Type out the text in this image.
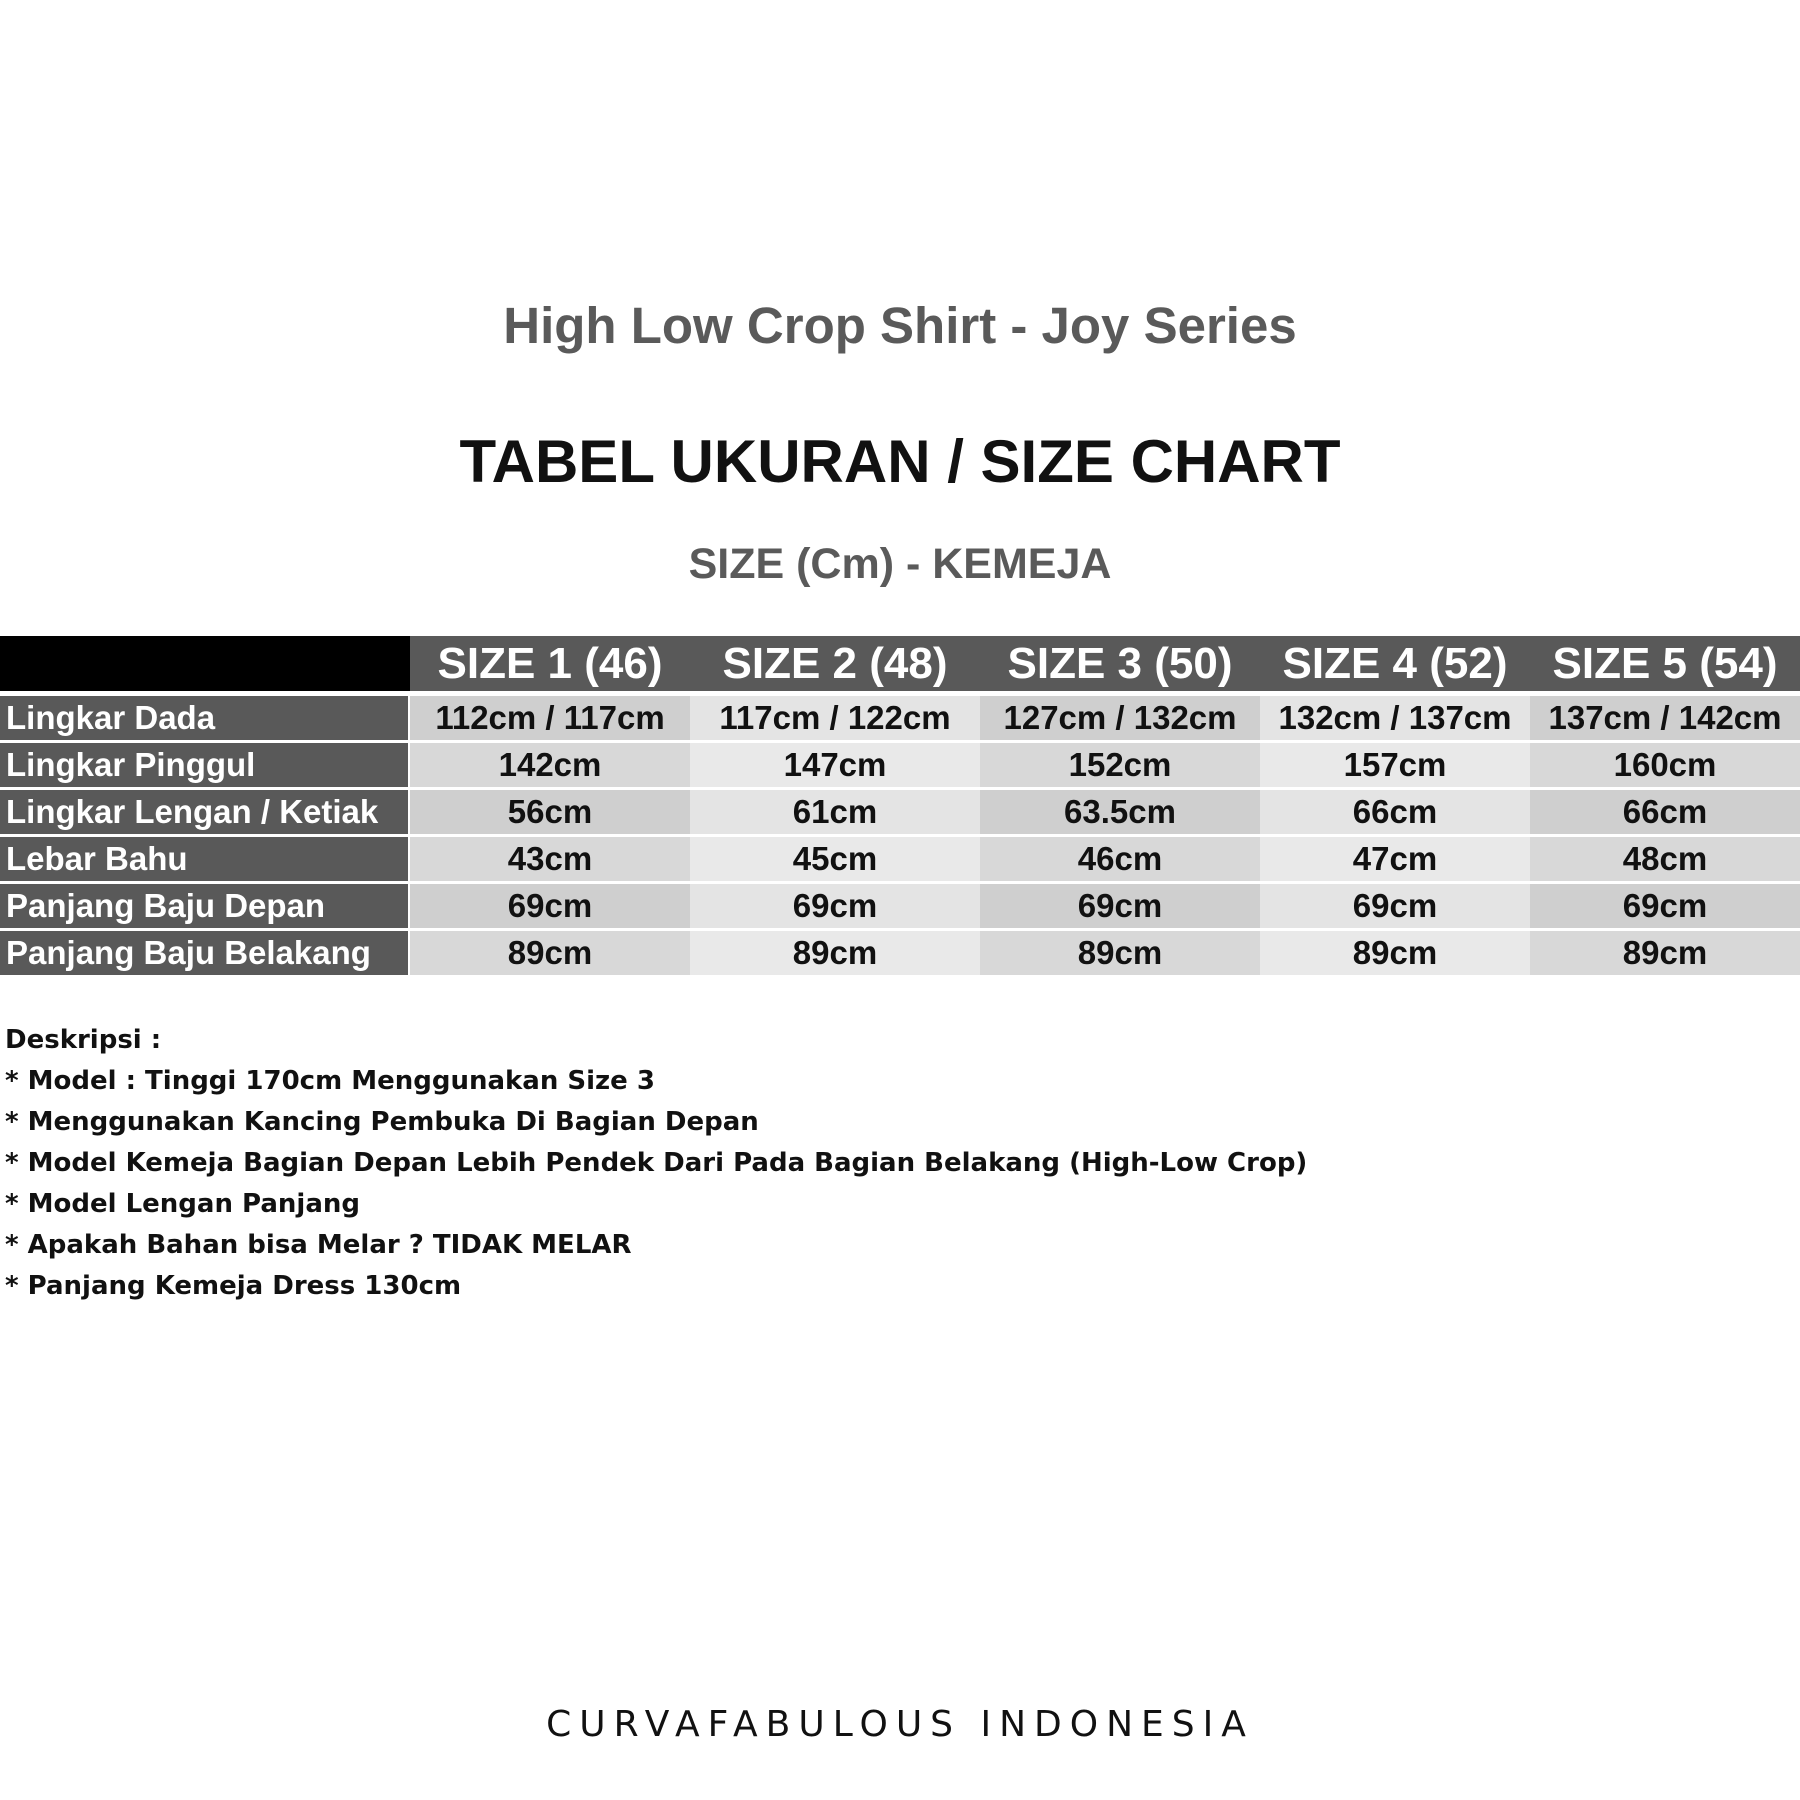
High Low Crop Shirt - Joy Series
TABEL UKURAN / SIZE CHART
SIZE (Cm) - KEMEJA
	SIZE 1 (46)	SIZE 2 (48)	SIZE 3 (50)	SIZE 4 (52)	SIZE 5 (54)
Lingkar Dada	112cm / 117cm	117cm / 122cm	127cm / 132cm	132cm / 137cm	137cm / 142cm
Lingkar Pinggul	142cm	147cm	152cm	157cm	160cm
Lingkar Lengan / Ketiak	56cm	61cm	63.5cm	66cm	66cm
Lebar Bahu	43cm	45cm	46cm	47cm	48cm
Panjang Baju Depan	69cm	69cm	69cm	69cm	69cm
Panjang Baju Belakang	89cm	89cm	89cm	89cm	89cm
Deskripsi :
* Model : Tinggi 170cm Menggunakan Size 3
* Menggunakan Kancing Pembuka Di Bagian Depan
* Model Kemeja Bagian Depan Lebih Pendek Dari Pada Bagian Belakang (High-Low Crop)
* Model Lengan Panjang
* Apakah Bahan bisa Melar ? TIDAK MELAR
* Panjang Kemeja Dress 130cm
CURVAFABULOUS INDONESIA
